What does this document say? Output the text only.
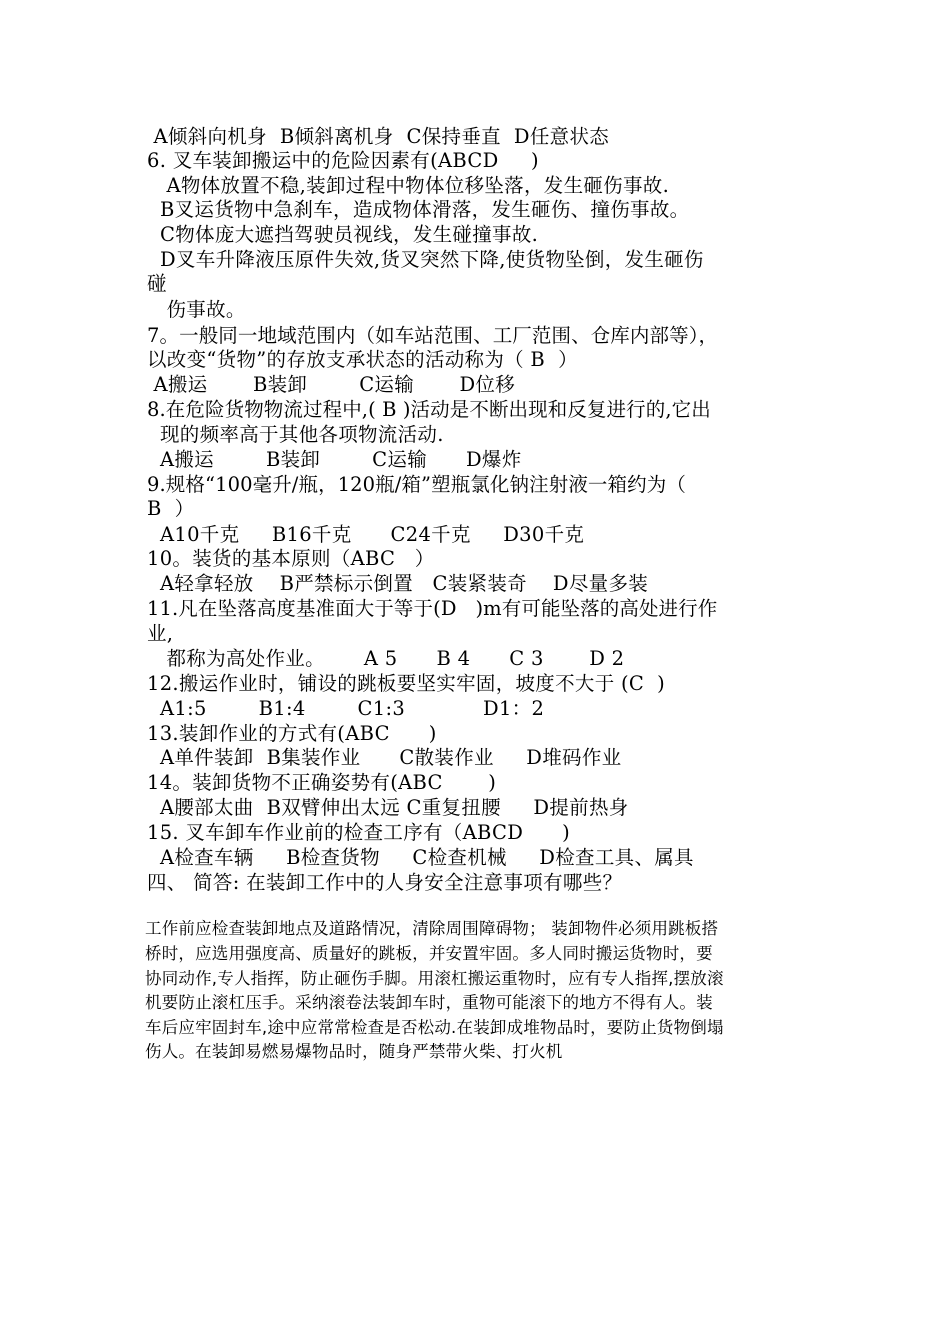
A倾斜向机身  B倾斜离机身  C保持垂直  D任意状态
6. 叉车装卸搬运中的危险因素有(ABCD     )
A物体放置不稳,装卸过程中物体位移坠落，发生砸伤事故.
B叉运货物中急刹车，造成物体滑落，发生砸伤、撞伤事故。
C物体庞大遮挡驾驶员视线，发生碰撞事故.
D叉车升降液压原件失效,货叉突然下降,使货物坠倒，发生砸伤
碰
伤事故。
7。一般同一地域范围内（如车站范围、工厂范围、仓库内部等），
以改变“货物”的存放支承状态的活动称为（ B  ）
A搬运       B装卸        C运输       D位移
8.在危险货物物流过程中,( B )活动是不断出现和反复进行的,它出
现的频率高于其他各项物流活动.
A搬运        B装卸        C运输      D爆炸
9.规格“100毫升/瓶，120瓶/箱”塑瓶氯化钠注射液一箱约为（
B  ）
A10千克     B16千克      C24千克     D30千克
10。装货的基本原则（ABC   ）
A轻拿轻放    B严禁标示倒置   C装紧装奇    D尽量多装
11.凡在坠落高度基准面大于等于(D   )m有可能坠落的高处进行作
业,
都称为高处作业。      A 5      B 4      C 3       D 2
12.搬运作业时，铺设的跳板要坚实牢固，坡度不大于 (C  )
A1:5        B1:4        C1:3            D1：2
13.装卸作业的方式有(ABC      )
A单件装卸  B集装作业      C散装作业     D堆码作业
14。装卸货物不正确姿势有(ABC       )
A腰部太曲  B双臂伸出太远 C重复扭腰     D提前热身
15. 叉车卸车作业前的检查工序有（ABCD      )
A检查车辆     B检查货物     C检查机械     D检查工具、属具
四、 简答: 在装卸工作中的人身安全注意事项有哪些？
工作前应检查装卸地点及道路情况，清除周围障碍物； 装卸物件必须用跳板搭
桥时，应选用强度高、质量好的跳板，并安置牢固。多人同时搬运货物时，要
协同动作,专人指挥，防止砸伤手脚。用滚杠搬运重物时，应有专人指挥,摆放滚
机要防止滚杠压手。采纳滚卷法装卸车时，重物可能滚下的地方不得有人。装
车后应牢固封车,途中应常常检查是否松动.在装卸成堆物品时，要防止货物倒塌
伤人。在装卸易燃易爆物品时，随身严禁带火柴、打火机
